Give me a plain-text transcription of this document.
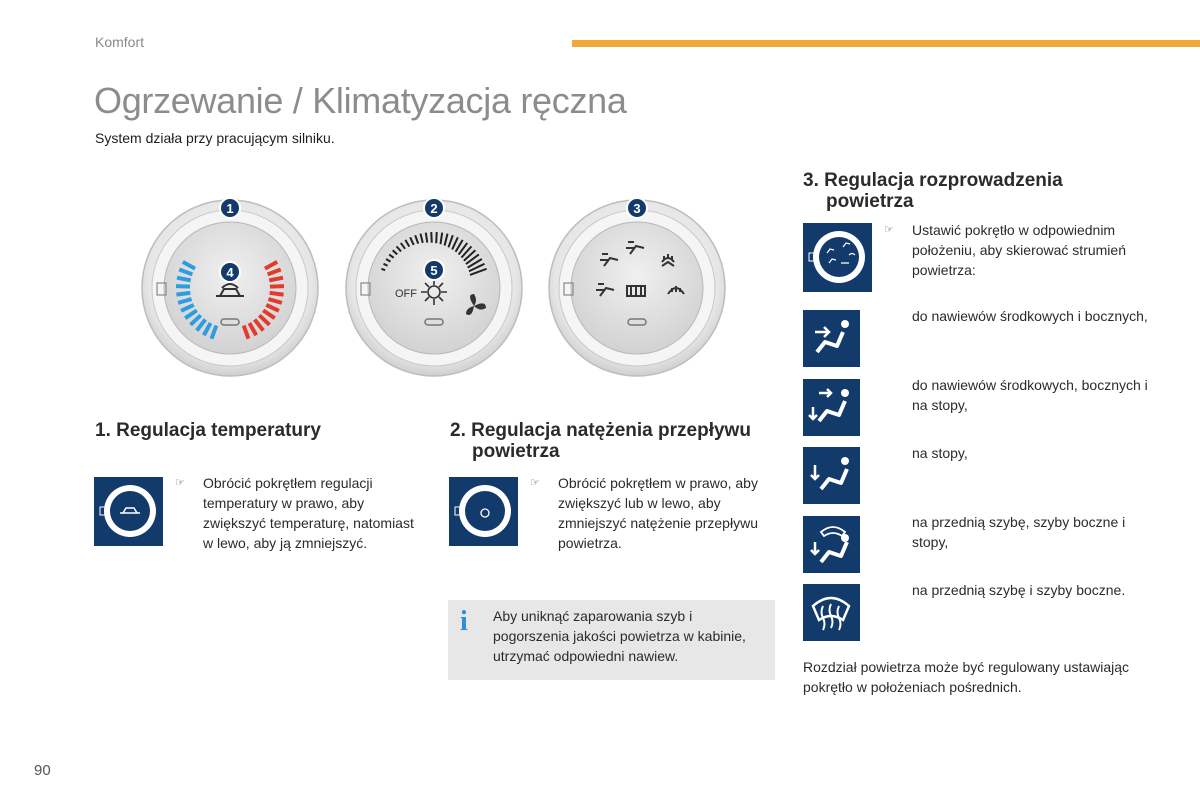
Komfort
Ogrzewanie / Klimatyzacja ręczna
System działa przy pracującym silniku.
1
4
OFF
2
5
3
1. Regulacja temperatury
☞	Obrócić pokrętłem regulacji temperatury w prawo, aby zwiększyć temperaturę, natomiast w lewo, aby ją zmniejszyć.
2. Regulacja natężenia przepływu
powietrza
☞	Obrócić pokrętłem w prawo, aby zwiększyć lub w lewo, aby zmniejszyć natężenie przepływu powietrza.
i	Aby uniknąć zaparowania szyb i pogorszenia jakości powietrza w kabinie, utrzymać odpowiedni nawiew.
3. Regulacja rozprowadzenia
powietrza
☞	Ustawić pokrętło w odpowiednim położeniu, aby skierować strumień powietrza:
do nawiewów środkowych i bocznych,
do nawiewów środkowych, bocznych i na stopy,
na stopy,
na przednią szybę, szyby boczne i stopy,
na przednią szybę i szyby boczne.
Rozdział powietrza może być regulowany ustawiając pokrętło w położeniach pośrednich.
90
